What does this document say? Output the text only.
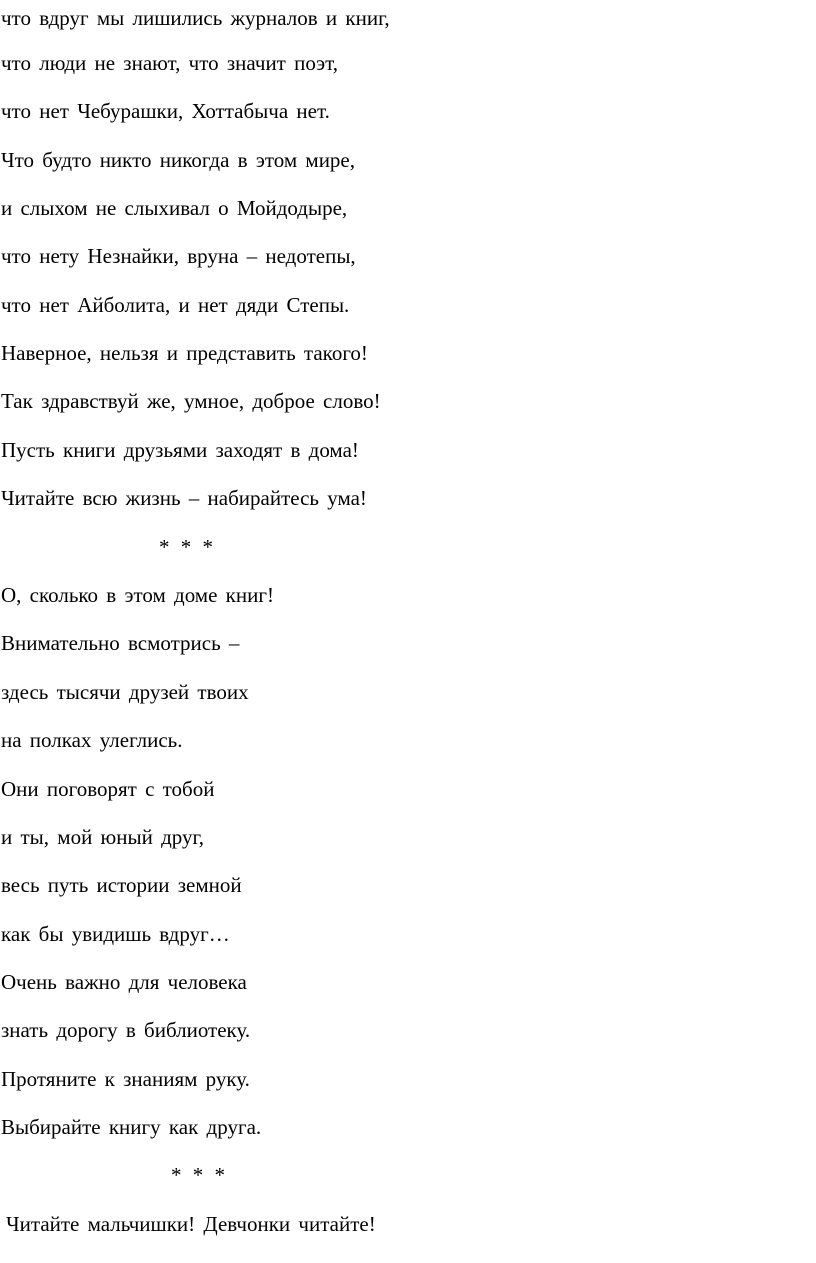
что вдруг мы лишились журналов и книг,
что люди не знают, что значит поэт,
что нет Чебурашки, Хоттабыча нет.
Что будто никто никогда в этом мире,
и слыхом не слыхивал о Мойдодыре,
что нету Незнайки, вруна – недотепы,
что нет Айболита, и нет дяди Степы.
Наверное, нельзя и представить такого!
Так здравствуй же, умное, доброе слово!
Пусть книги друзьями заходят в дома!
Читайте всю жизнь – набирайтесь ума!
* * *
О, сколько в этом доме книг!
Внимательно всмотрись –
здесь тысячи друзей твоих
на полках улеглись.
Они поговорят с тобой
и ты, мой юный друг,
весь путь истории земной
как бы увидишь вдруг…
Очень важно для человека
знать дорогу в библиотеку.
Протяните к знаниям руку.
Выбирайте книгу как друга.
* * *
Читайте мальчишки! Девчонки читайте!
